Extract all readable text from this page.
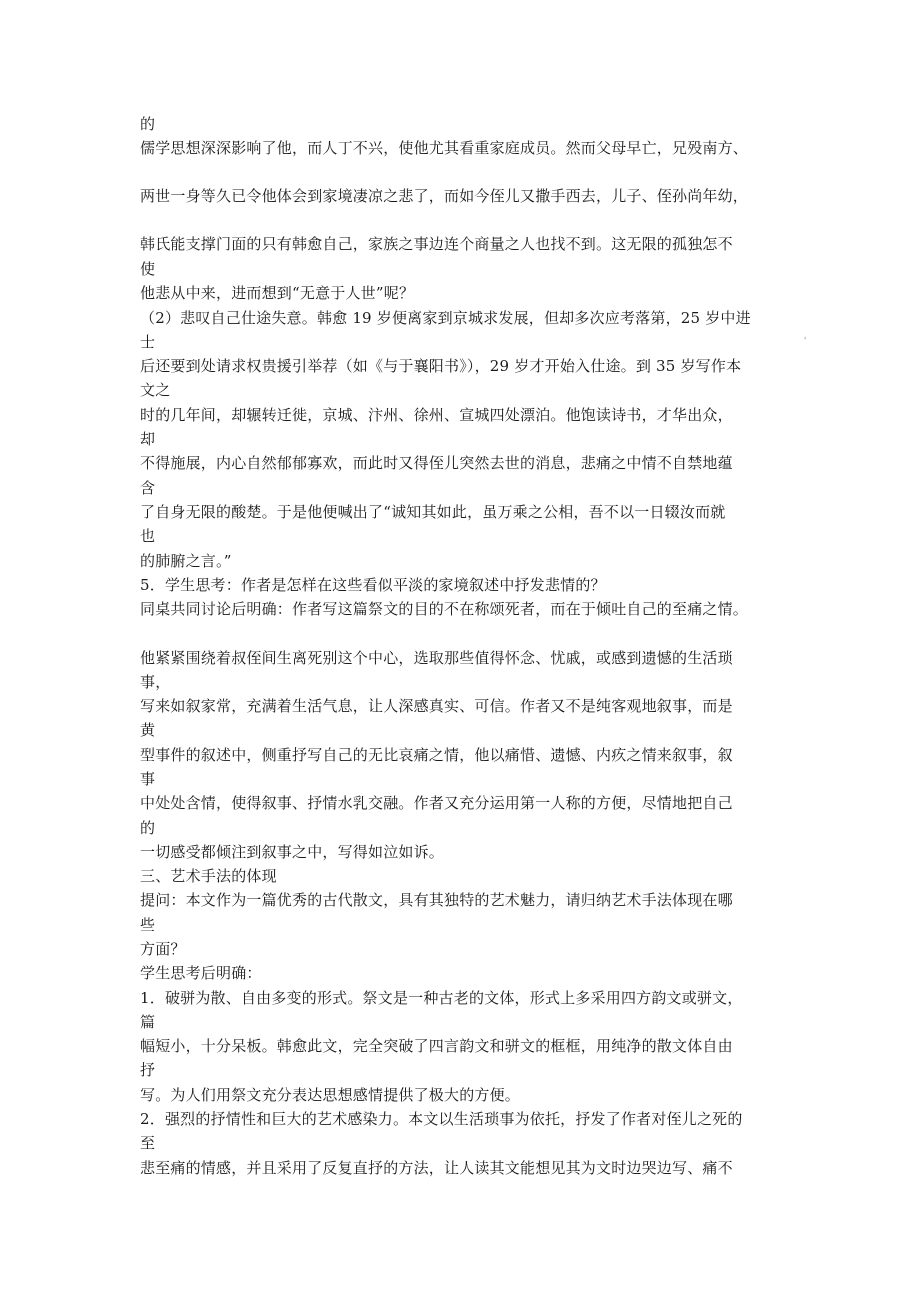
的
儒学思想深深影响了他，而人丁不兴，使他尤其看重家庭成员。然而父母早亡，兄殁南方、
两世一身等久已令他体会到家境凄凉之悲了，而如今侄儿又撒手西去，儿子、侄孙尚年幼，
韩氏能支撑门面的只有韩愈自己，家族之事边连个商量之人也找不到。这无限的孤独怎不
使
他悲从中来，进而想到“无意于人世”呢？
（2）悲叹自己仕途失意。韩愈 19 岁便离家到京城求发展，但却多次应考落第，25 岁中进
士
后还要到处请求权贵援引举荐（如《与于襄阳书》），29 岁才开始入仕途。到 35 岁写作本
文之
时的几年间，却辗转迁徙，京城、汴州、徐州、宣城四处漂泊。他饱读诗书，才华出众，
却
不得施展，内心自然郁郁寡欢，而此时又得侄儿突然去世的消息，悲痛之中情不自禁地蕴
含
了自身无限的酸楚。于是他便喊出了“诚知其如此，虽万乘之公相，吾不以一日辍汝而就
也
的肺腑之言。”
5．学生思考：作者是怎样在这些看似平淡的家境叙述中抒发悲情的？
同桌共同讨论后明确：作者写这篇祭文的目的不在称颂死者，而在于倾吐自己的至痛之情。
他紧紧围绕着叔侄间生离死别这个中心，选取那些值得怀念、忧戚，或感到遗憾的生活琐
事，
写来如叙家常，充满着生活气息，让人深感真实、可信。作者又不是纯客观地叙事，而是
黄
型事件的叙述中，侧重抒写自己的无比哀痛之情，他以痛惜、遗憾、内疚之情来叙事，叙
事
中处处含情，使得叙事、抒情水乳交融。作者又充分运用第一人称的方便，尽情地把自己
的
一切感受都倾注到叙事之中，写得如泣如诉。
三、艺术手法的体现
提问：本文作为一篇优秀的古代散文，具有其独特的艺术魅力，请归纳艺术手法体现在哪
些
方面？
学生思考后明确：
1．破骈为散、自由多变的形式。祭文是一种古老的文体，形式上多采用四方韵文或骈文，
篇
幅短小，十分呆板。韩愈此文，完全突破了四言韵文和骈文的框框，用纯净的散文体自由
抒
写。为人们用祭文充分表达思想感情提供了极大的方便。
2．强烈的抒情性和巨大的艺术感染力。本文以生活琐事为依托，抒发了作者对侄儿之死的
至
悲至痛的情感，并且采用了反复直抒的方法，让人读其文能想见其为文时边哭边写、痛不
'
